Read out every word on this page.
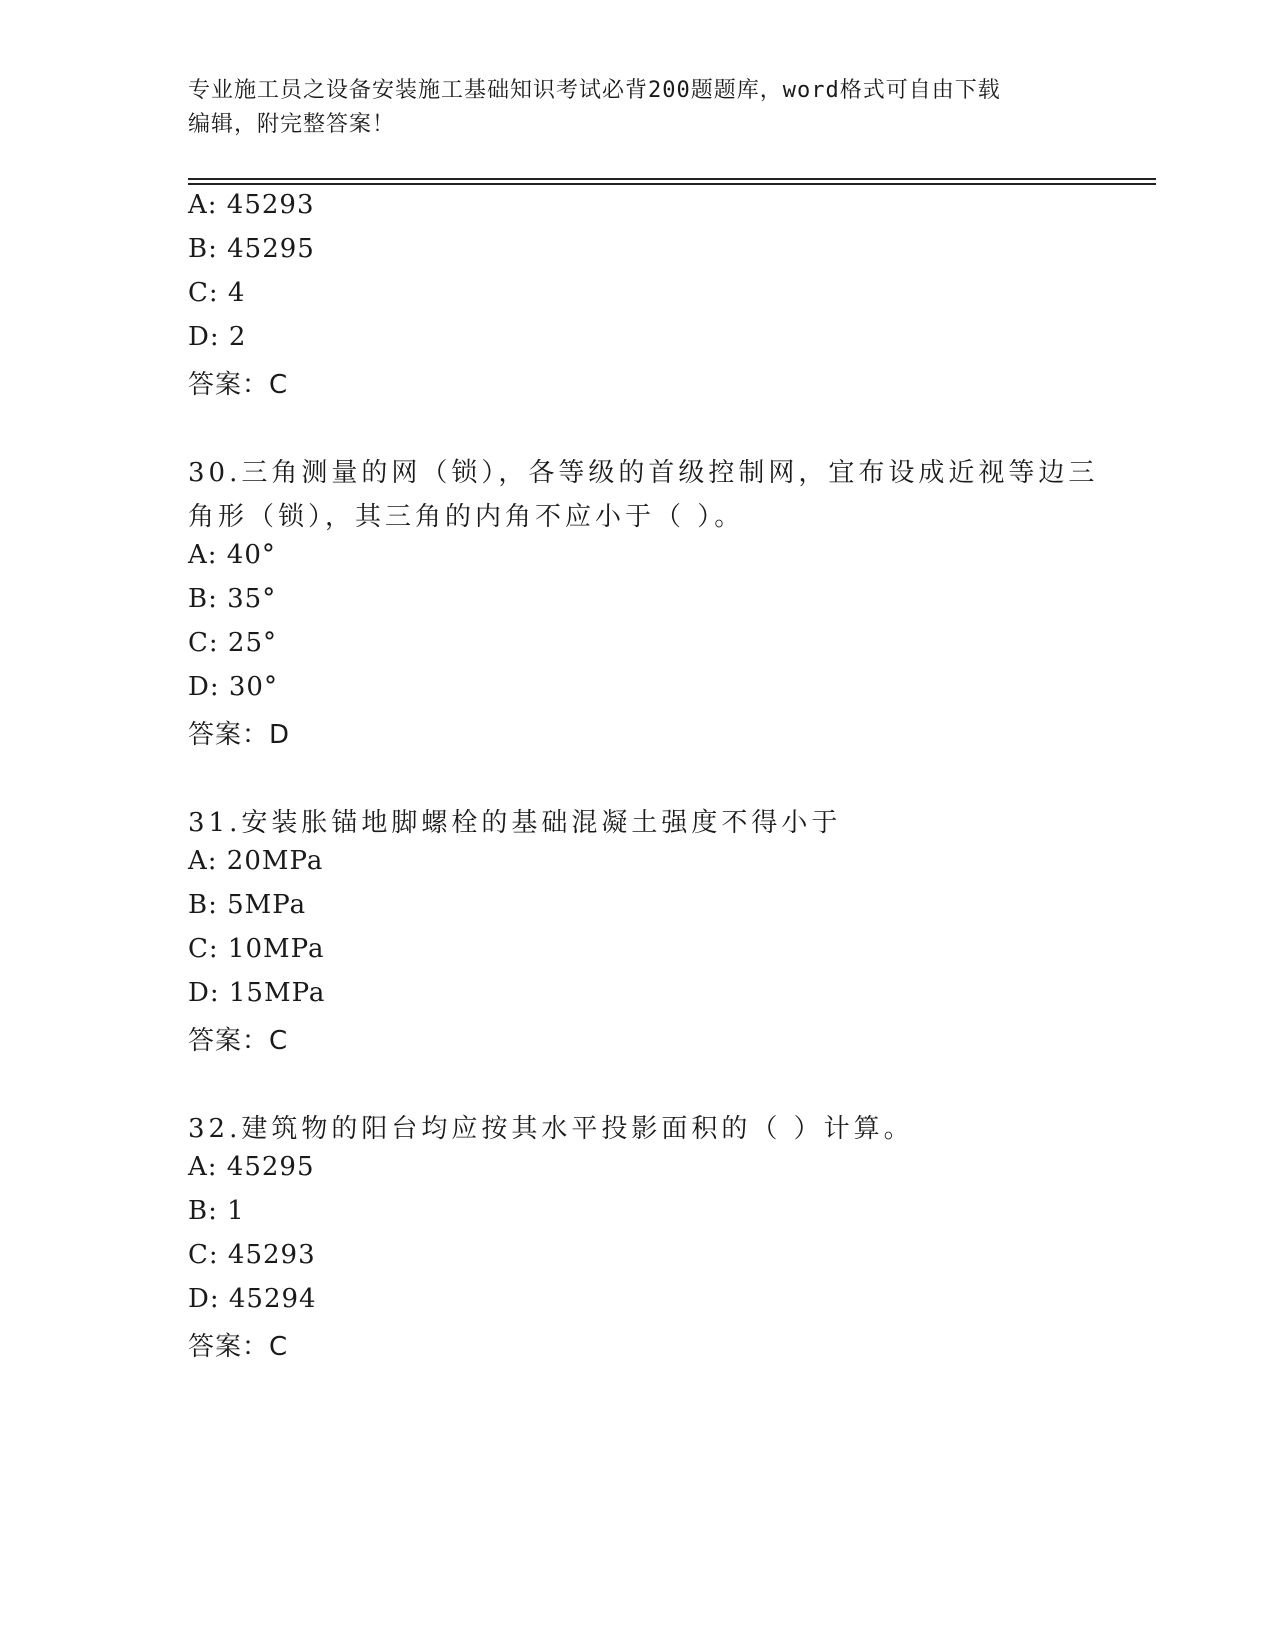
专业施工员之设备安装施工基础知识考试必背200题题库，word格式可自由下载
编辑，附完整答案！
A: 45293
B: 45295
C: 4
D: 2
答案：C
30.三角测量的网（锁），各等级的首级控制网，宜布设成近视等边三
角形（锁），其三角的内角不应小于（ ）。
A: 40°
B: 35°
C: 25°
D: 30°
答案：D
31.安装胀锚地脚螺栓的基础混凝土强度不得小于
A: 20MPa
B: 5MPa
C: 10MPa
D: 15MPa
答案：C
32.建筑物的阳台均应按其水平投影面积的（ ）计算。
A: 45295
B: 1
C: 45293
D: 45294
答案：C
